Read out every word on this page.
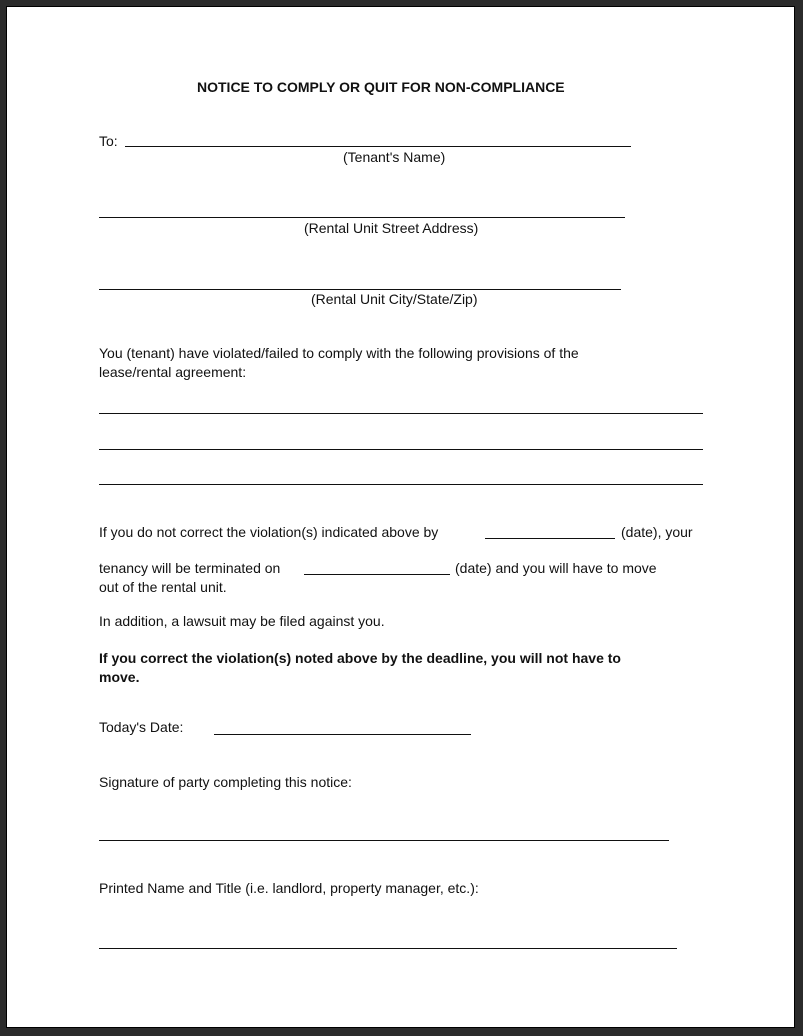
NOTICE TO COMPLY OR QUIT FOR NON-COMPLIANCE
To:
(Tenant's Name)
(Rental Unit Street Address)
(Rental Unit City/State/Zip)
You (tenant) have violated/failed to comply with the following provisions of the
lease/rental agreement:
If you do not correct the violation(s) indicated above by	(date), your
tenancy will be terminated on	(date) and you will have to move
out of the rental unit.
In addition, a lawsuit may be filed against you.
If you correct the violation(s) noted above by the deadline, you will not have to
move.
Today's Date:
Signature of party completing this notice:
Printed Name and Title (i.e. landlord, property manager, etc.):
